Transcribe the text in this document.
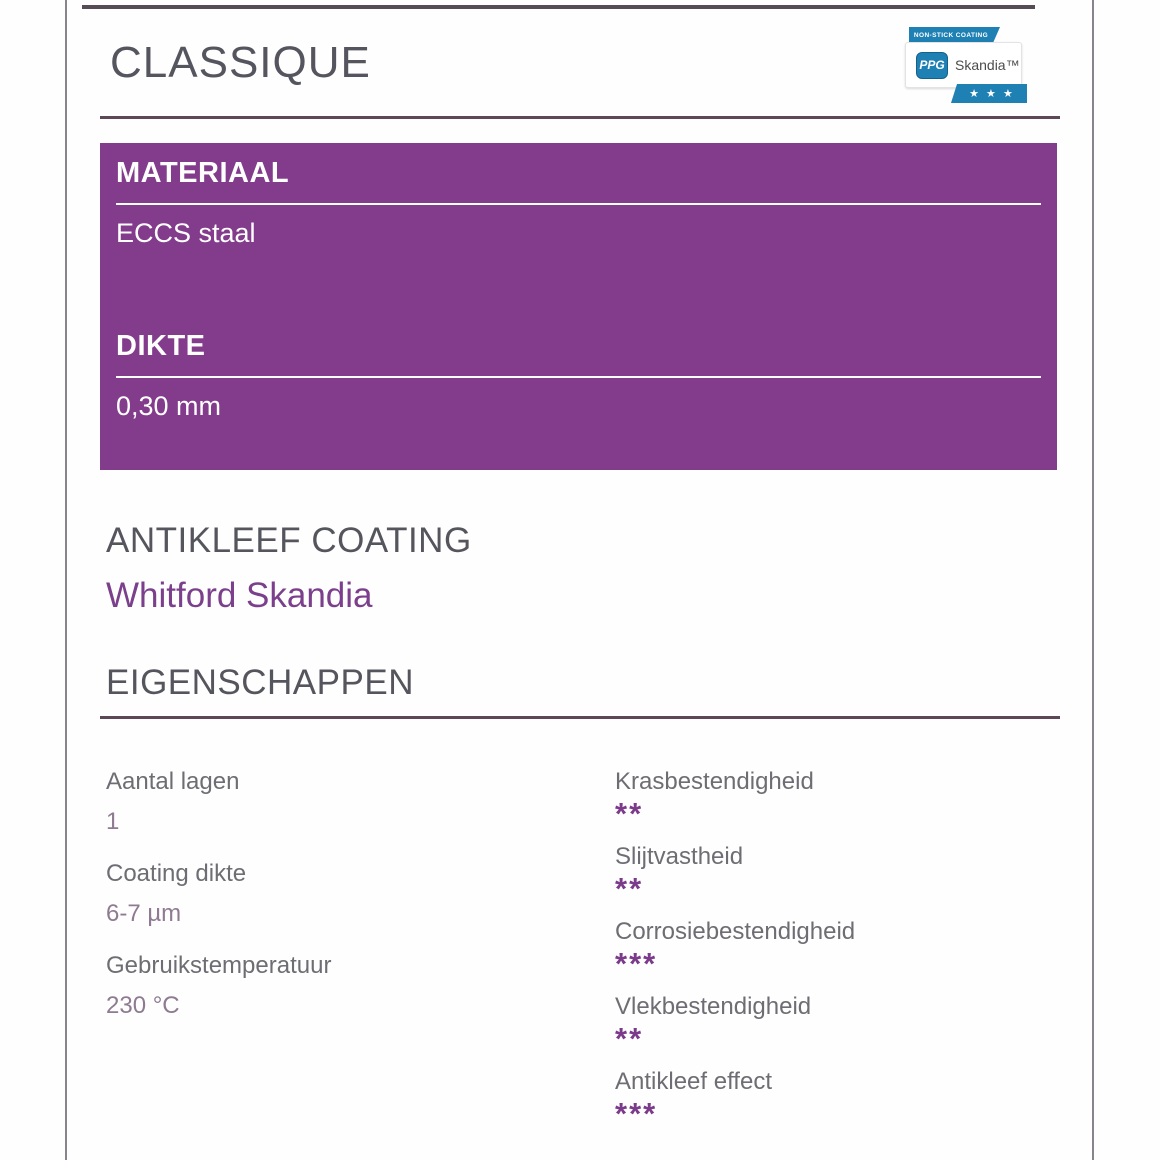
CLASSIQUE
NON-STICK COATING
PPG Skandia™
★ ★ ★
MATERIAAL
ECCS staal
DIKTE
0,30 mm
ANTIKLEEF COATING
Whitford Skandia
EIGENSCHAPPEN
Aantal lagen
1
Coating dikte
6-7 µm
Gebruikstemperatuur
230 °C
Krasbestendigheid
**
Slijtvastheid
**
Corrosiebestendigheid
***
Vlekbestendigheid
**
Antikleef effect
***
